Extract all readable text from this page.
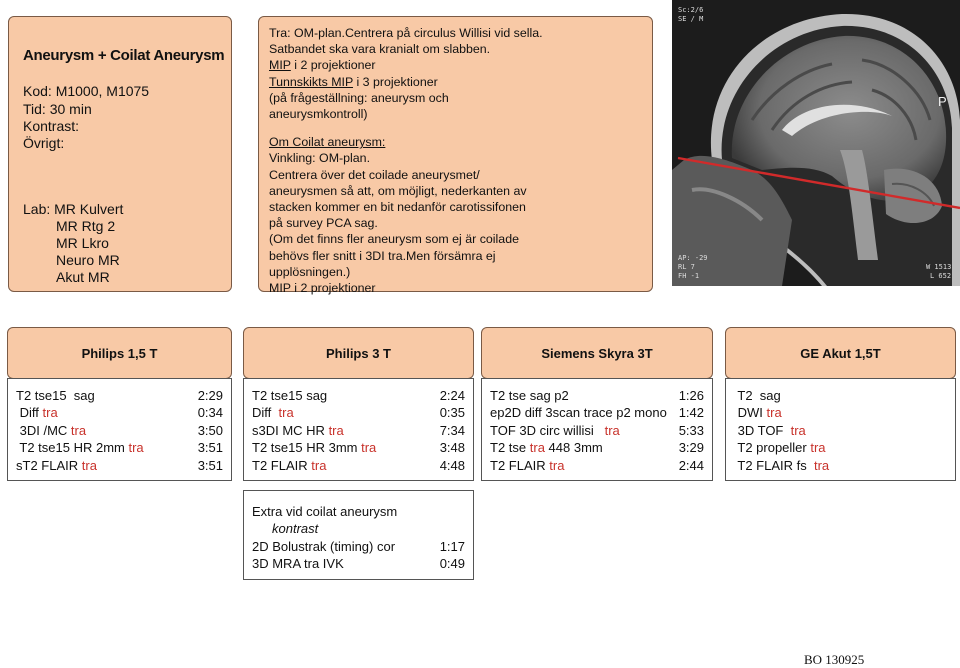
Aneurysm + Coilat Aneurysm
Kod: M1000, M1075
Tid: 30 min
Kontrast:
Övrigt:
Lab: MR Kulvert
MR Rtg 2
MR Lkro
Neuro MR
Akut MR
Tra: OM-plan.Centrera på circulus Willisi vid sella.
Satbandet ska vara kranialt om slabben.
MIP i 2 projektioner
Tunnskikts MIP i 3 projektioner
(på frågeställning: aneurysm och
aneurysmkontroll)
Om Coilat aneurysm:
Vinkling: OM-plan.
Centrera över det coilade aneurysmet/
aneurysmen så att, om möjligt, nederkanten av
stacken kommer en bit nedanför carotissifonen
på survey PCA sag.
(Om det finns fler aneurysm som ej är coilade
behövs fler snitt i 3DI tra.Men försämra ej
upplösningen.)
MIP i 2 projektioner
Sc:2/6
SE / M
P
AP: -29
RL 7
FH -1
W 1513
L 652
Philips 1,5 T	Philips 3 T	Siemens Skyra 3T	GE Akut 1,5T
T2 tse15  sag	2:29
Diff tra	0:34
3DI /MC tra	3:50
T2 tse15 HR 2mm tra	3:51
sT2 FLAIR tra	3:51
T2 tse15 sag	2:24
Diff  tra	0:35
s3DI MC HR tra	7:34
T2 tse15 HR 3mm tra	3:48
T2 FLAIR tra	4:48
T2 tse sag p2	1:26
ep2D diff 3scan trace p2 mono 1:42
TOF 3D circ willisi   tra	5:33
T2 tse tra 448 3mm	3:29
T2 FLAIR tra	2:44
T2  sag
DWI tra
3D TOF  tra
T2 propeller tra
T2 FLAIR fs  tra
Extra vid coilat aneurysm
kontrast
2D Bolustrak (timing) cor	1:17
3D MRA tra IVK	0:49
BO 130925
